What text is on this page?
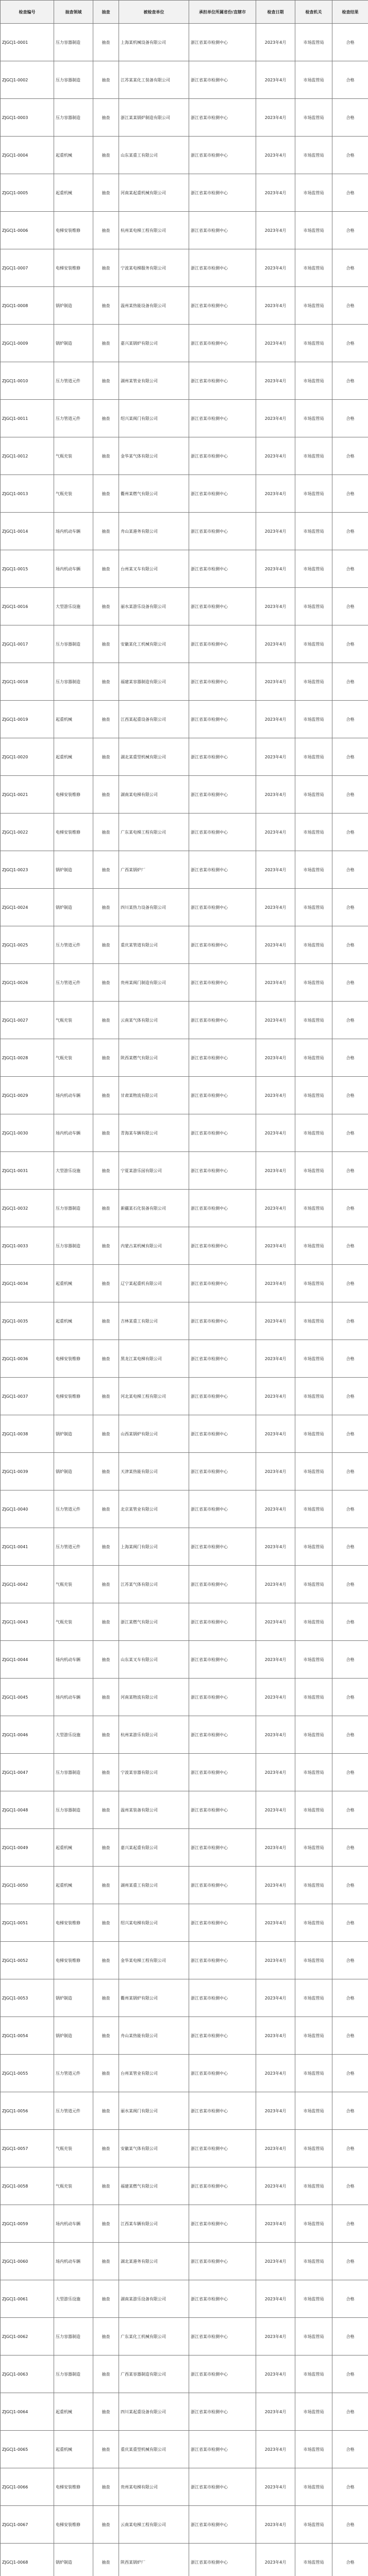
检查编号	抽查领域	抽查	被检查单位	承担单位所属省份/直辖市	检查日期	检查机关	检查结果
ZJGCJ1-0001	压力容器制造	抽查	上海某机械设备有限公司	浙江省某市检测中心	2023年4月	市场监管局	合格
ZJGCJ1-0002	压力容器制造	抽查	江苏某某化工装备有限公司	浙江省某市检测中心	2023年4月	市场监管局	合格
ZJGCJ1-0003	压力容器制造	抽查	浙江某某锅炉制造有限公司	浙江省某市检测中心	2023年4月	市场监管局	合格
ZJGCJ1-0004	起重机械	抽查	山东某重工有限公司	浙江省某市检测中心	2023年4月	市场监管局	合格
ZJGCJ1-0005	起重机械	抽查	河南某起重机械有限公司	浙江省某市检测中心	2023年4月	市场监管局	合格
ZJGCJ1-0006	电梯安装维修	抽查	杭州某电梯工程有限公司	浙江省某市检测中心	2023年4月	市场监管局	合格
ZJGCJ1-0007	电梯安装维修	抽查	宁波某电梯服务有限公司	浙江省某市检测中心	2023年4月	市场监管局	合格
ZJGCJ1-0008	锅炉制造	抽查	温州某热能设备有限公司	浙江省某市检测中心	2023年4月	市场监管局	合格
ZJGCJ1-0009	锅炉制造	抽查	嘉兴某锅炉有限公司	浙江省某市检测中心	2023年4月	市场监管局	合格
ZJGCJ1-0010	压力管道元件	抽查	湖州某管业有限公司	浙江省某市检测中心	2023年4月	市场监管局	合格
ZJGCJ1-0011	压力管道元件	抽查	绍兴某阀门有限公司	浙江省某市检测中心	2023年4月	市场监管局	合格
ZJGCJ1-0012	气瓶充装	抽查	金华某气体有限公司	浙江省某市检测中心	2023年4月	市场监管局	合格
ZJGCJ1-0013	气瓶充装	抽查	衢州某燃气有限公司	浙江省某市检测中心	2023年4月	市场监管局	合格
ZJGCJ1-0014	场内机动车辆	抽查	舟山某港务有限公司	浙江省某市检测中心	2023年4月	市场监管局	合格
ZJGCJ1-0015	场内机动车辆	抽查	台州某叉车有限公司	浙江省某市检测中心	2023年4月	市场监管局	合格
ZJGCJ1-0016	大型游乐设施	抽查	丽水某游乐设备有限公司	浙江省某市检测中心	2023年4月	市场监管局	合格
ZJGCJ1-0017	压力容器制造	抽查	安徽某化工机械有限公司	浙江省某市检测中心	2023年4月	市场监管局	合格
ZJGCJ1-0018	压力容器制造	抽查	福建某容器制造有限公司	浙江省某市检测中心	2023年4月	市场监管局	合格
ZJGCJ1-0019	起重机械	抽查	江西某起重设备有限公司	浙江省某市检测中心	2023年4月	市场监管局	合格
ZJGCJ1-0020	起重机械	抽查	湖北某重型机械有限公司	浙江省某市检测中心	2023年4月	市场监管局	合格
ZJGCJ1-0021	电梯安装维修	抽查	湖南某电梯有限公司	浙江省某市检测中心	2023年4月	市场监管局	合格
ZJGCJ1-0022	电梯安装维修	抽查	广东某电梯工程有限公司	浙江省某市检测中心	2023年4月	市场监管局	合格
ZJGCJ1-0023	锅炉制造	抽查	广西某锅炉厂	浙江省某市检测中心	2023年4月	市场监管局	合格
ZJGCJ1-0024	锅炉制造	抽查	四川某热力设备有限公司	浙江省某市检测中心	2023年4月	市场监管局	合格
ZJGCJ1-0025	压力管道元件	抽查	重庆某管道有限公司	浙江省某市检测中心	2023年4月	市场监管局	合格
ZJGCJ1-0026	压力管道元件	抽查	贵州某阀门制造有限公司	浙江省某市检测中心	2023年4月	市场监管局	合格
ZJGCJ1-0027	气瓶充装	抽查	云南某气体有限公司	浙江省某市检测中心	2023年4月	市场监管局	合格
ZJGCJ1-0028	气瓶充装	抽查	陕西某燃气有限公司	浙江省某市检测中心	2023年4月	市场监管局	合格
ZJGCJ1-0029	场内机动车辆	抽查	甘肃某物流有限公司	浙江省某市检测中心	2023年4月	市场监管局	合格
ZJGCJ1-0030	场内机动车辆	抽查	青海某车辆有限公司	浙江省某市检测中心	2023年4月	市场监管局	合格
ZJGCJ1-0031	大型游乐设施	抽查	宁夏某游乐园有限公司	浙江省某市检测中心	2023年4月	市场监管局	合格
ZJGCJ1-0032	压力容器制造	抽查	新疆某石化装备有限公司	浙江省某市检测中心	2023年4月	市场监管局	合格
ZJGCJ1-0033	压力容器制造	抽查	内蒙古某机械有限公司	浙江省某市检测中心	2023年4月	市场监管局	合格
ZJGCJ1-0034	起重机械	抽查	辽宁某起重机有限公司	浙江省某市检测中心	2023年4月	市场监管局	合格
ZJGCJ1-0035	起重机械	抽查	吉林某重工有限公司	浙江省某市检测中心	2023年4月	市场监管局	合格
ZJGCJ1-0036	电梯安装维修	抽查	黑龙江某电梯有限公司	浙江省某市检测中心	2023年4月	市场监管局	合格
ZJGCJ1-0037	电梯安装维修	抽查	河北某电梯工程有限公司	浙江省某市检测中心	2023年4月	市场监管局	合格
ZJGCJ1-0038	锅炉制造	抽查	山西某锅炉有限公司	浙江省某市检测中心	2023年4月	市场监管局	合格
ZJGCJ1-0039	锅炉制造	抽查	天津某热能有限公司	浙江省某市检测中心	2023年4月	市场监管局	合格
ZJGCJ1-0040	压力管道元件	抽查	北京某管业有限公司	浙江省某市检测中心	2023年4月	市场监管局	合格
ZJGCJ1-0041	压力管道元件	抽查	上海某阀门有限公司	浙江省某市检测中心	2023年4月	市场监管局	合格
ZJGCJ1-0042	气瓶充装	抽查	江苏某气体有限公司	浙江省某市检测中心	2023年4月	市场监管局	合格
ZJGCJ1-0043	气瓶充装	抽查	浙江某燃气有限公司	浙江省某市检测中心	2023年4月	市场监管局	合格
ZJGCJ1-0044	场内机动车辆	抽查	山东某叉车有限公司	浙江省某市检测中心	2023年4月	市场监管局	合格
ZJGCJ1-0045	场内机动车辆	抽查	河南某物流有限公司	浙江省某市检测中心	2023年4月	市场监管局	合格
ZJGCJ1-0046	大型游乐设施	抽查	杭州某游乐有限公司	浙江省某市检测中心	2023年4月	市场监管局	合格
ZJGCJ1-0047	压力容器制造	抽查	宁波某容器有限公司	浙江省某市检测中心	2023年4月	市场监管局	合格
ZJGCJ1-0048	压力容器制造	抽查	温州某装备有限公司	浙江省某市检测中心	2023年4月	市场监管局	合格
ZJGCJ1-0049	起重机械	抽查	嘉兴某起重有限公司	浙江省某市检测中心	2023年4月	市场监管局	合格
ZJGCJ1-0050	起重机械	抽查	湖州某重工有限公司	浙江省某市检测中心	2023年4月	市场监管局	合格
ZJGCJ1-0051	电梯安装维修	抽查	绍兴某电梯有限公司	浙江省某市检测中心	2023年4月	市场监管局	合格
ZJGCJ1-0052	电梯安装维修	抽查	金华某电梯工程有限公司	浙江省某市检测中心	2023年4月	市场监管局	合格
ZJGCJ1-0053	锅炉制造	抽查	衢州某锅炉有限公司	浙江省某市检测中心	2023年4月	市场监管局	合格
ZJGCJ1-0054	锅炉制造	抽查	舟山某热能有限公司	浙江省某市检测中心	2023年4月	市场监管局	合格
ZJGCJ1-0055	压力管道元件	抽查	台州某管业有限公司	浙江省某市检测中心	2023年4月	市场监管局	合格
ZJGCJ1-0056	压力管道元件	抽查	丽水某阀门有限公司	浙江省某市检测中心	2023年4月	市场监管局	合格
ZJGCJ1-0057	气瓶充装	抽查	安徽某气体有限公司	浙江省某市检测中心	2023年4月	市场监管局	合格
ZJGCJ1-0058	气瓶充装	抽查	福建某燃气有限公司	浙江省某市检测中心	2023年4月	市场监管局	合格
ZJGCJ1-0059	场内机动车辆	抽查	江西某车辆有限公司	浙江省某市检测中心	2023年4月	市场监管局	合格
ZJGCJ1-0060	场内机动车辆	抽查	湖北某港务有限公司	浙江省某市检测中心	2023年4月	市场监管局	合格
ZJGCJ1-0061	大型游乐设施	抽查	湖南某游乐设备有限公司	浙江省某市检测中心	2023年4月	市场监管局	合格
ZJGCJ1-0062	压力容器制造	抽查	广东某化工机械有限公司	浙江省某市检测中心	2023年4月	市场监管局	合格
ZJGCJ1-0063	压力容器制造	抽查	广西某容器制造有限公司	浙江省某市检测中心	2023年4月	市场监管局	合格
ZJGCJ1-0064	起重机械	抽查	四川某起重设备有限公司	浙江省某市检测中心	2023年4月	市场监管局	合格
ZJGCJ1-0065	起重机械	抽查	重庆某重型机械有限公司	浙江省某市检测中心	2023年4月	市场监管局	合格
ZJGCJ1-0066	电梯安装维修	抽查	贵州某电梯有限公司	浙江省某市检测中心	2023年4月	市场监管局	合格
ZJGCJ1-0067	电梯安装维修	抽查	云南某电梯工程有限公司	浙江省某市检测中心	2023年4月	市场监管局	合格
ZJGCJ1-0068	锅炉制造	抽查	陕西某锅炉厂	浙江省某市检测中心	2023年4月	市场监管局	合格
